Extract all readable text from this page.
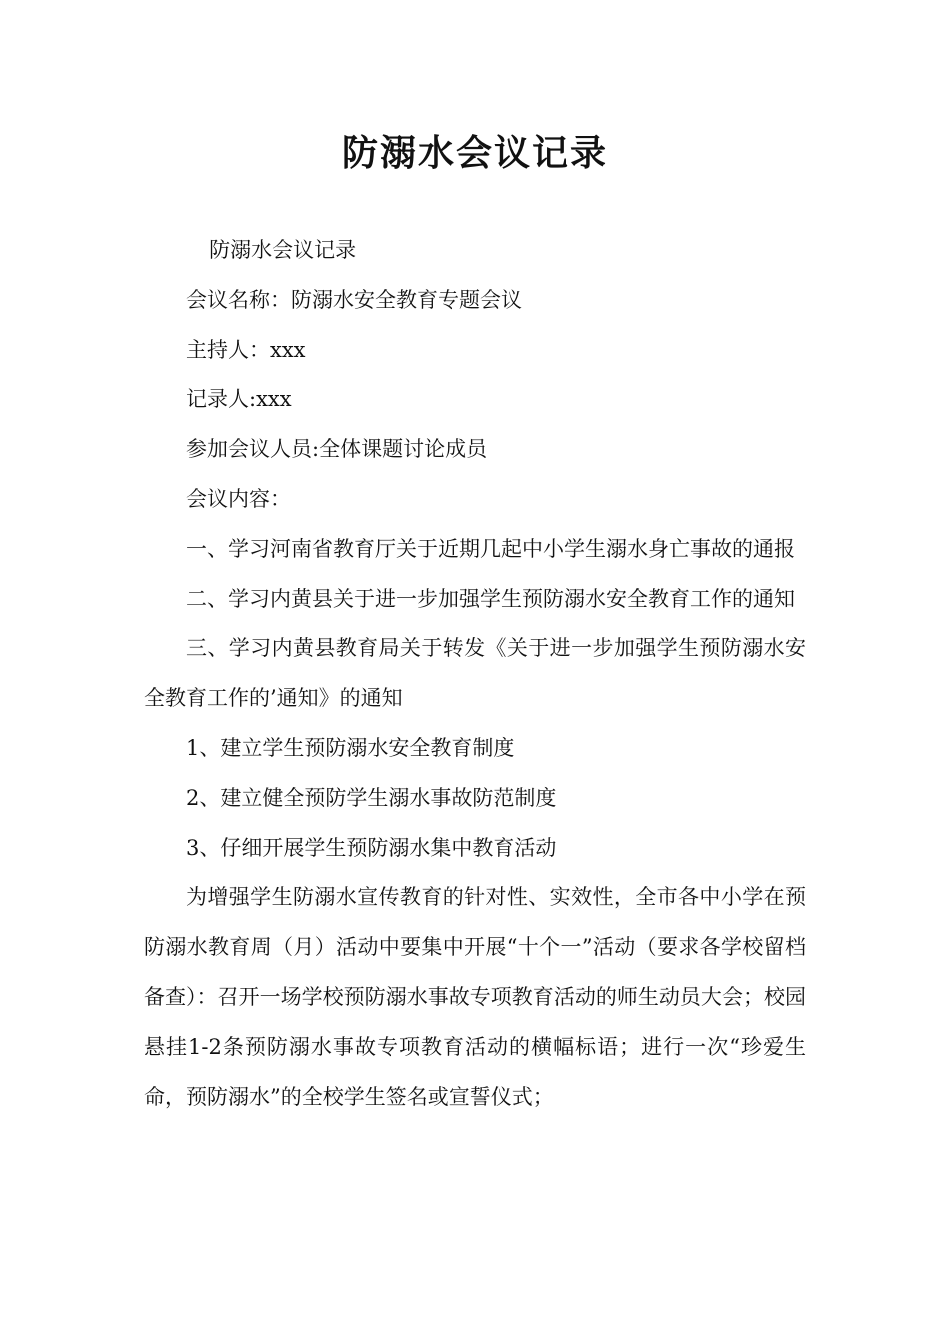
防溺水会议记录

防溺水会议记录

会议名称：防溺水安全教育专题会议

主持人：xxx

记录人:xxx

参加会议人员:全体课题讨论成员

会议内容：

一、学习河南省教育厅关于近期几起中小学生溺水身亡事故的通报

二、学习内黄县关于进一步加强学生预防溺水安全教育工作的通知

三、学习内黄县教育局关于转发《关于进一步加强学生预防溺水安全教育工作的’通知》的通知

1、建立学生预防溺水安全教育制度

2、建立健全预防学生溺水事故防范制度

3、仔细开展学生预防溺水集中教育活动

为增强学生防溺水宣传教育的针对性、实效性，全市各中小学在预防溺水教育周（月）活动中要集中开展“十个一”活动（要求各学校留档备查）：召开一场学校预防溺水事故专项教育活动的师生动员大会；校园悬挂1-2条预防溺水事故专项教育活动的横幅标语；进行一次“珍爱生命，预防溺水”的全校学生签名或宣誓仪式；
